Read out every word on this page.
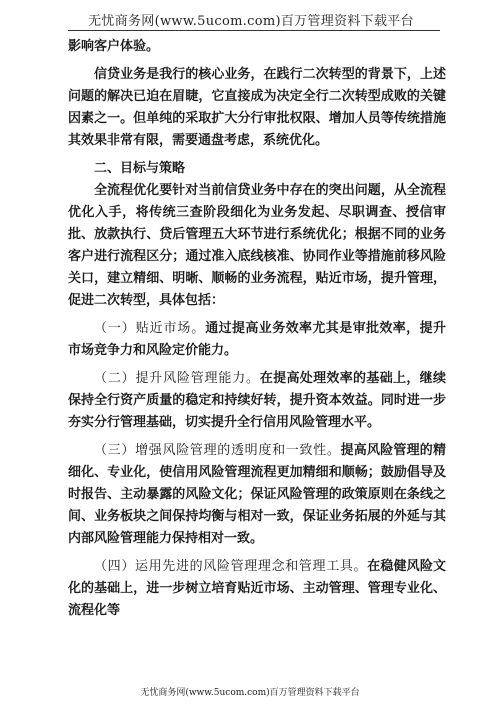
无忧商务网(www.5ucom.com)百万管理资料下载平台

影响客户体验。

信贷业务是我行的核心业务，在践行二次转型的背景下，上述问题的解决已迫在眉睫，它直接成为决定全行二次转型成败的关键因素之一。但单纯的采取扩大分行审批权限、增加人员等传统措施其效果非常有限，需要通盘考虑，系统优化。

二、目标与策略

全流程优化要针对当前信贷业务中存在的突出问题，从全流程优化入手，将传统三查阶段细化为业务发起、尽职调查、授信审批、放款执行、贷后管理五大环节进行系统优化；根据不同的业务客户进行流程区分；通过准入底线核准、协同作业等措施前移风险关口，建立精细、明晰、顺畅的业务流程，贴近市场，提升管理，促进二次转型，具体包括：

（一）贴近市场。通过提高业务效率尤其是审批效率，提升市场竞争力和风险定价能力。

（二）提升风险管理能力。在提高处理效率的基础上，继续保持全行资产质量的稳定和持续好转，提升资本效益。同时进一步夯实分行管理基础，切实提升全行信用风险管理水平。

（三）增强风险管理的透明度和一致性。提高风险管理的精细化、专业化，使信用风险管理流程更加精细和顺畅；鼓励倡导及时报告、主动暴露的风险文化；保证风险管理的政策原则在条线之间、业务板块之间保持均衡与相对一致，保证业务拓展的外延与其内部风险管理能力保持相对一致。

（四）运用先进的风险管理理念和管理工具。在稳健风险文化的基础上，进一步树立培育贴近市场、主动管理、管理专业化、流程化等

无忧商务网(www.5ucom.com)百万管理资料下载平台
